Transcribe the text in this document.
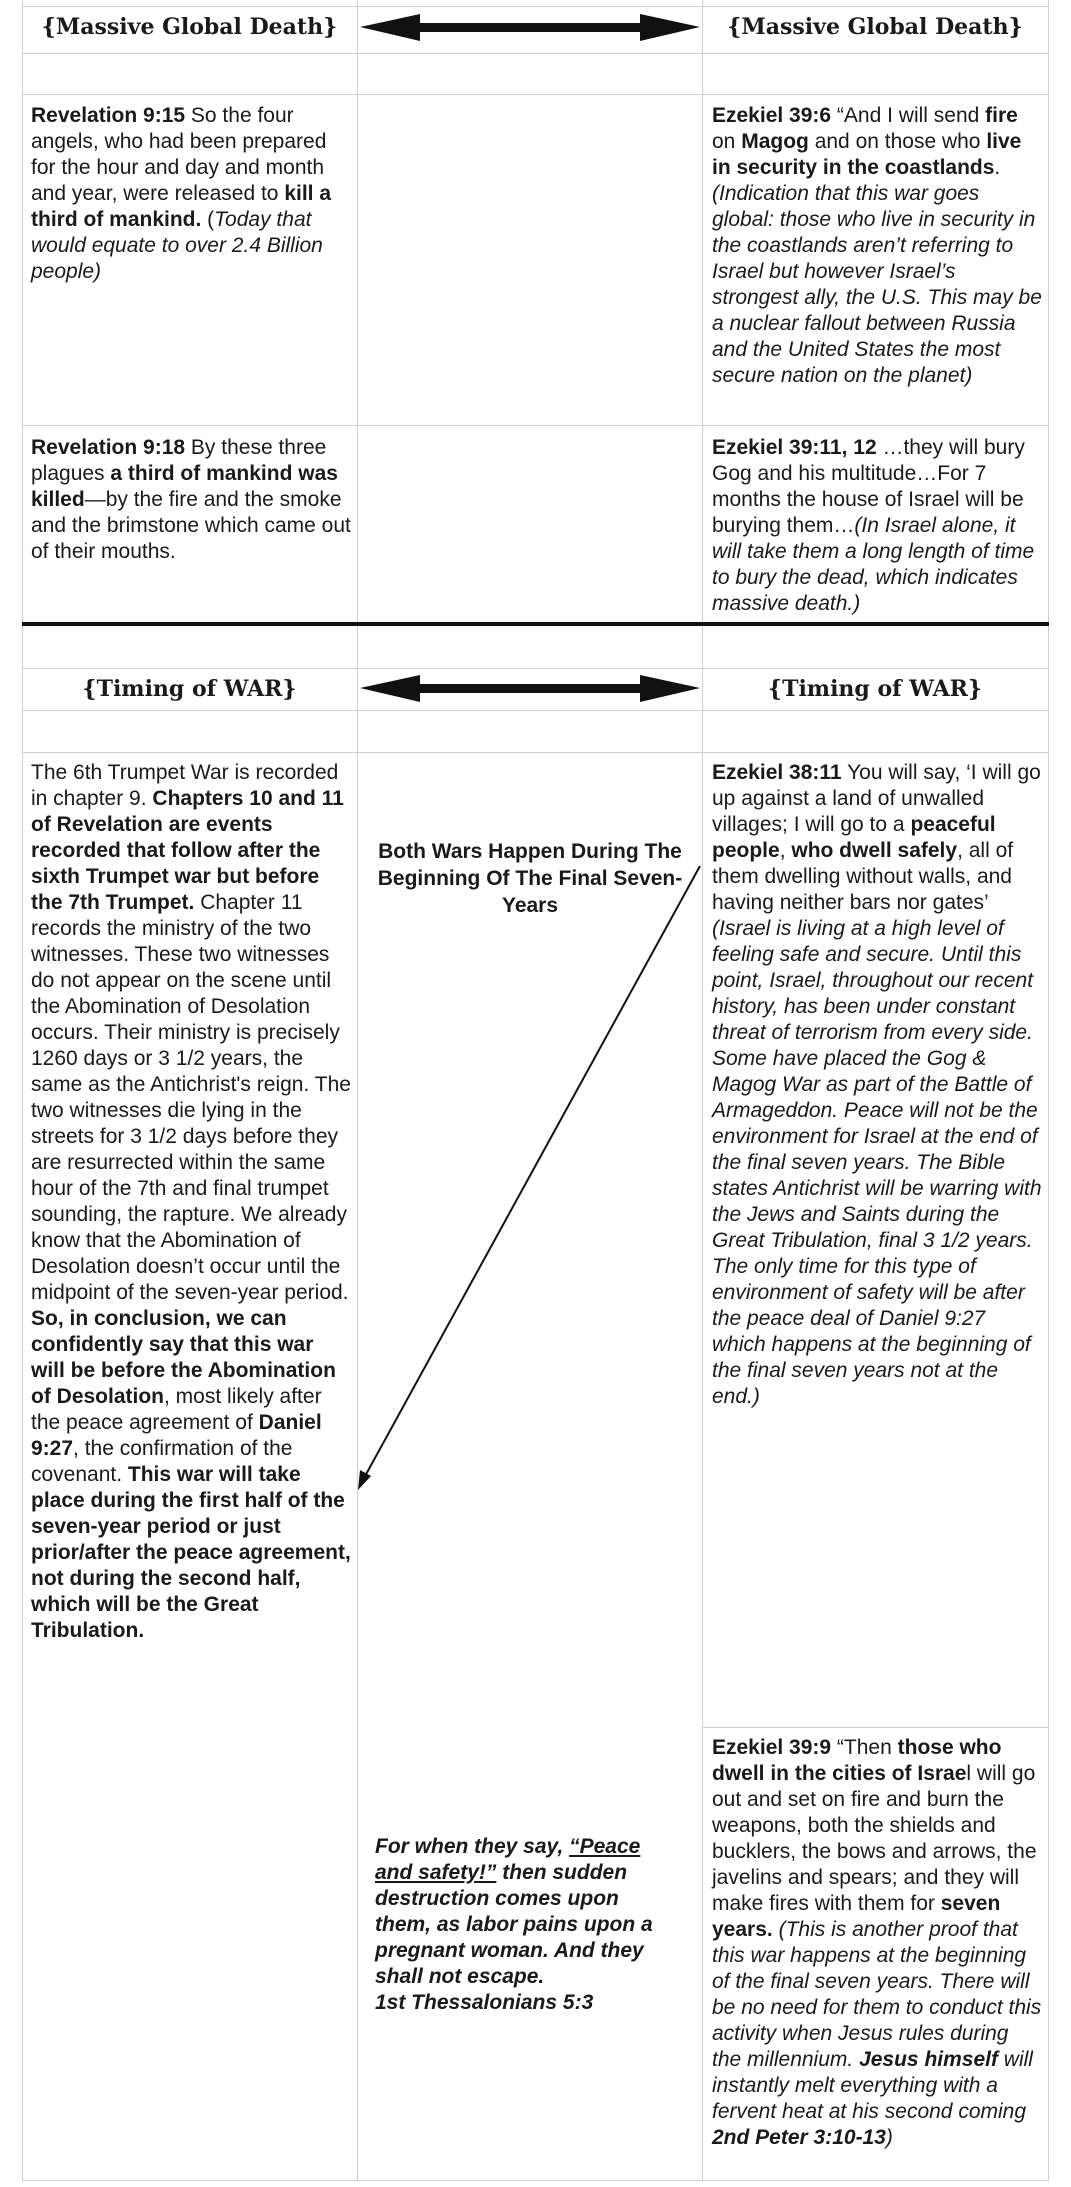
{Massive Global Death}	{Massive Global Death}
Revelation 9:15 So the four angels, who had been prepared for the hour and day and month and year, were released to kill a third of mankind. (Today that would equate to over 2.4 Billion people)
Ezekiel 39:6 “And I will send fire on Magog and on those who live in security in the coastlands. (Indication that this war goes global: those who live in security in the coastlands aren’t referring to Israel but however Israel’s strongest ally, the U.S. This may be a nuclear fallout between Russia and the United States the most secure nation on the planet)
Revelation 9:18 By these three plagues a third of mankind was killed—by the fire and the smoke and the brimstone which came out of their mouths.
Ezekiel 39:11, 12 …they will bury Gog and his multitude…For 7 months the house of Israel will be burying them…(In Israel alone, it will take them a long length of time to bury the dead, which indicates massive death.)
{Timing of WAR}	{Timing of WAR}
Both Wars Happen During The Beginning Of The Final Seven-Years
The 6th Trumpet War is recorded in chapter 9. Chapters 10 and 11 of Revelation are events recorded that follow after the sixth Trumpet war but before the 7th Trumpet. Chapter 11 records the ministry of the two witnesses. These two witnesses do not appear on the scene until the Abomination of Desolation occurs. Their ministry is precisely 1260 days or 3 1/2 years, the same as the Antichrist's reign. The two witnesses die lying in the streets for 3 1/2 days before they are resurrected within the same hour of the 7th and final trumpet sounding, the rapture. We already know that the Abomination of Desolation doesn’t occur until the midpoint of the seven-year period. So, in conclusion, we can confidently say that this war will be before the Abomination of Desolation, most likely after the peace agreement of Daniel 9:27, the confirmation of the covenant. This war will take place during the first half of the seven-year period or just prior/after the peace agreement, not during the second half, which will be the Great Tribulation.
Ezekiel 38:11 You will say, ‘I will go up against a land of unwalled villages; I will go to a peaceful people, who dwell safely, all of them dwelling without walls, and having neither bars nor gates’ (Israel is living at a high level of feeling safe and secure. Until this point, Israel, throughout our recent history, has been under constant threat of terrorism from every side. Some have placed the Gog & Magog War as part of the Battle of Armageddon. Peace will not be the environment for Israel at the end of the final seven years. The Bible states Antichrist will be warring with the Jews and Saints during the Great Tribulation, final 3 1/2 years. The only time for this type of environment of safety will be after the peace deal of Daniel 9:27 which happens at the beginning of the final seven years not at the end.)
For when they say, “Peace and safety!” then sudden destruction comes upon them, as labor pains upon a pregnant woman. And they shall not escape.
1st Thessalonians 5:3
Ezekiel 39:9 “Then those who dwell in the cities of Israel will go out and set on fire and burn the weapons, both the shields and bucklers, the bows and arrows, the javelins and spears; and they will make fires with them for seven years. (This is another proof that this war happens at the beginning of the final seven years. There will be no need for them to conduct this activity when Jesus rules during the millennium. Jesus himself will instantly melt everything with a fervent heat at his second coming 2nd Peter 3:10-13)
